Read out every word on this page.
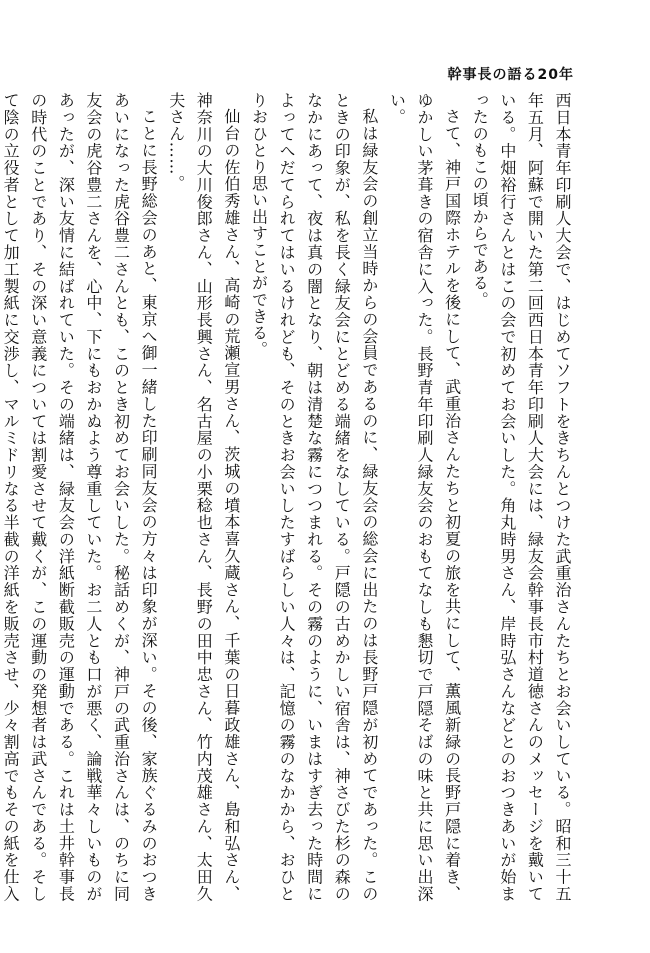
幹事長の語る20年

西日本青年印刷人大会で、はじめてソフトをきちんとつけた武重治さんたちとお会いしている。昭和三十五年五月、阿蘇で開いた第二回西日本青年印刷人大会には、緑友会幹事長市村道徳さんのメッセージを戴いている。中畑裕行さんとはこの会で初めてお会いした。角丸時男さん、岸時弘さんなどとのおつきあいが始まったのもこの頃からである。

さて、神戸国際ホテルを後にして、武重治さんたちと初夏の旅を共にして、薫風新緑の長野戸隠に着き、ゆかしい茅葺きの宿舎に入った。長野青年印刷人緑友会のおもてなしも懇切で戸隠そばの味と共に思い出深い。

私は緑友会の創立当時からの会員であるのに、緑友会の総会に出たのは長野戸隠が初めてであった。このときの印象が、私を長く緑友会にとどめる端緒をなしている。戸隠の古めかしい宿舎は、神さびた杉の森のなかにあって、夜は真の闇となり、朝は清楚な霧につつまれる。その霧のように、いまはすぎ去った時間によってへだてられてはいるけれども、そのときお会いしたすばらしい人々は、記憶の霧のなかから、おひとりおひとり思い出すことができる。

仙台の佐伯秀雄さん、高崎の荒瀬宣男さん、茨城の墳本喜久蔵さん、千葉の日暮政雄さん、島和弘さん、神奈川の大川俊郎さん、山形長興さん、名古屋の小栗稔也さん、長野の田中忠さん、竹内茂雄さん、太田久夫さん……。

ことに長野総会のあと、東京へ御一緒した印刷同友会の方々は印象が深い。その後、家族ぐるみのおつきあいになった虎谷豊二さんとも、このとき初めてお会いした。秘話めくが、神戸の武重治さんは、のちに同友会の虎谷豊二さんを、心中、下にもおかぬよう尊重していた。お二人とも口が悪く、論戦華々しいものがあったが、深い友情に結ばれていた。その端緒は、緑友会の洋紙断截販売の運動である。これは土井幹事長の時代のことであり、その深い意義については割愛させて戴くが、この運動の発想者は武さんである。そして陰の立役者として加工製紙に交渉し、マルミドリなる半截の洋紙を販売させ、少々割高でもその紙を仕入
